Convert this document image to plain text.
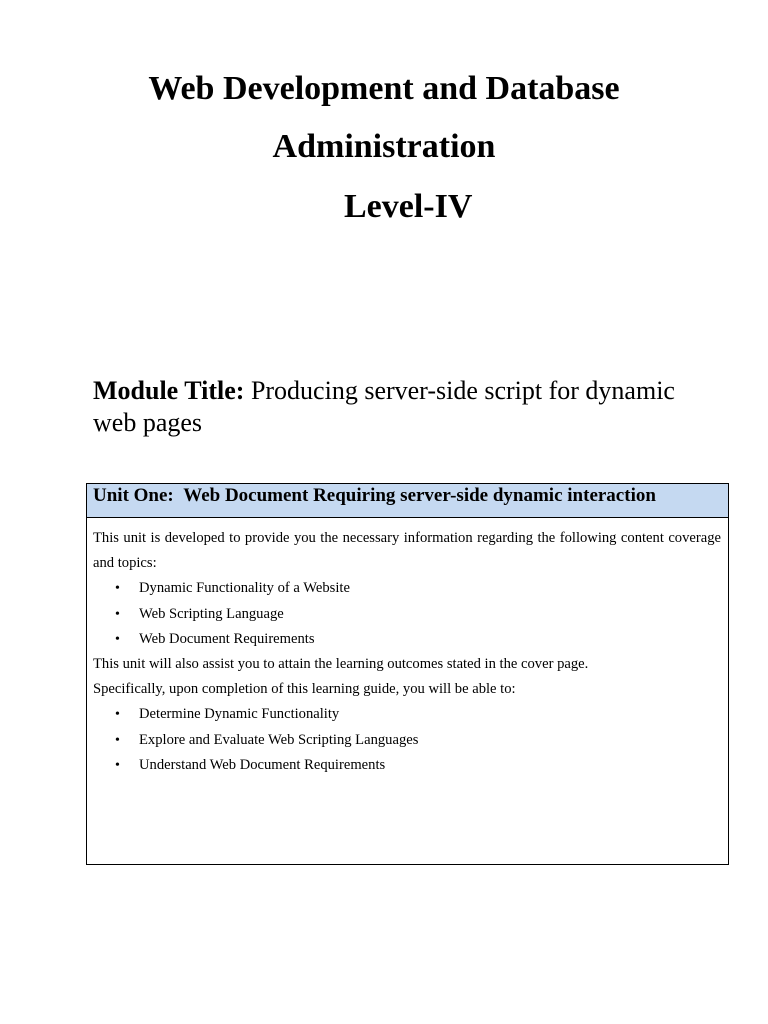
Web Development and Database
Administration
Level-IV
Module Title: Producing server-side script for dynamic web pages
Unit One: Web Document Requiring server-side dynamic interaction

This unit is developed to provide you the necessary information regarding the following content coverage and topics:

• Dynamic Functionality of a Website
• Web Scripting Language
• Web Document Requirements

This unit will also assist you to attain the learning outcomes stated in the cover page.

Specifically, upon completion of this learning guide, you will be able to:

• Determine Dynamic Functionality
• Explore and Evaluate Web Scripting Languages
• Understand Web Document Requirements
